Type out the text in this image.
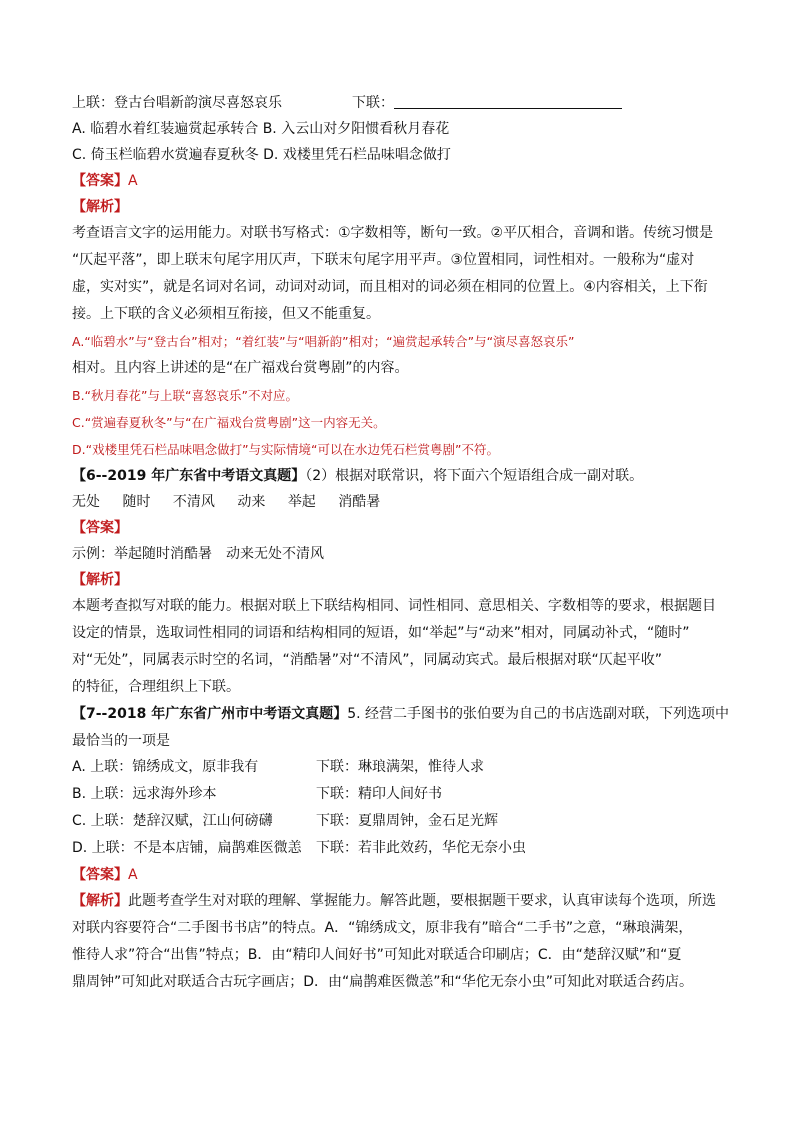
上联：登古台唱新韵演尽喜怒哀乐	下联：
A. 临碧水着红装遍赏起承转合 B. 入云山对夕阳惯看秋月春花
C. 倚玉栏临碧水赏遍春夏秋冬 D. 戏楼里凭石栏品味唱念做打
【答案】A
【解析】
考查语言文字的运用能力。对联书写格式：①字数相等，断句一致。②平仄相合，音调和谐。传统习惯是
“仄起平落”，即上联末句尾字用仄声，下联末句尾字用平声。③位置相同，词性相对。一般称为“虚对
虚，实对实”，就是名词对名词，动词对动词，而且相对的词必须在相同的位置上。④内容相关，上下衔
接。上下联的含义必须相互衔接，但又不能重复。
A.“临碧水”与“登古台”相对；“着红装”与“唱新韵”相对；“遍赏起承转合”与“演尽喜怒哀乐”
相对。且内容上讲述的是“在广福戏台赏粤剧”的内容。
B.“秋月春花”与上联“喜怒哀乐”不对应。
C.“赏遍春夏秋冬”与“在广福戏台赏粤剧”这一内容无关。
D.“戏楼里凭石栏品味唱念做打”与实际情境“可以在水边凭石栏赏粤剧”不符。
【6--2019 年广东省中考语文真题】（2）根据对联常识，将下面六个短语组合成一副对联。
无处 随时 不清风 动来 举起 消酷暑
【答案】
示例：举起随时消酷暑　动来无处不清风
【解析】
本题考查拟写对联的能力。根据对联上下联结构相同、词性相同、意思相关、字数相等的要求，根据题目
设定的情景，选取词性相同的词语和结构相同的短语，如“举起”与“动来”相对，同属动补式，“随时”
对“无处”，同属表示时空的名词，“消酷暑”对“不清风”，同属动宾式。最后根据对联“仄起平收”
的特征，合理组织上下联。
【7--2018 年广东省广州市中考语文真题】5. 经营二手图书的张伯要为自己的书店选副对联，下列选项中
最恰当的一项是
A. 上联：锦绣成文，原非我有	下联：琳琅满架，惟待人求
B. 上联：远求海外珍本	下联：精印人间好书
C. 上联：楚辞汉赋，江山何磅礴	下联：夏鼎周钟，金石足光辉
D. 上联：不是本店铺，扁鹊难医微恙 下联：若非此效药，华佗无奈小虫
【答案】A
【解析】此题考查学生对对联的理解、掌握能力。解答此题，要根据题干要求，认真审读每个选项，所选
对联内容要符合“二手图书书店”的特点。A．“锦绣成文，原非我有”暗合“二手书”之意，“琳琅满架，
惟待人求”符合“出售”特点；B．由“精印人间好书”可知此对联适合印刷店；C．由“楚辞汉赋”和“夏
鼎周钟”可知此对联适合古玩字画店；D．由“扁鹊难医微恙”和“华佗无奈小虫”可知此对联适合药店。
